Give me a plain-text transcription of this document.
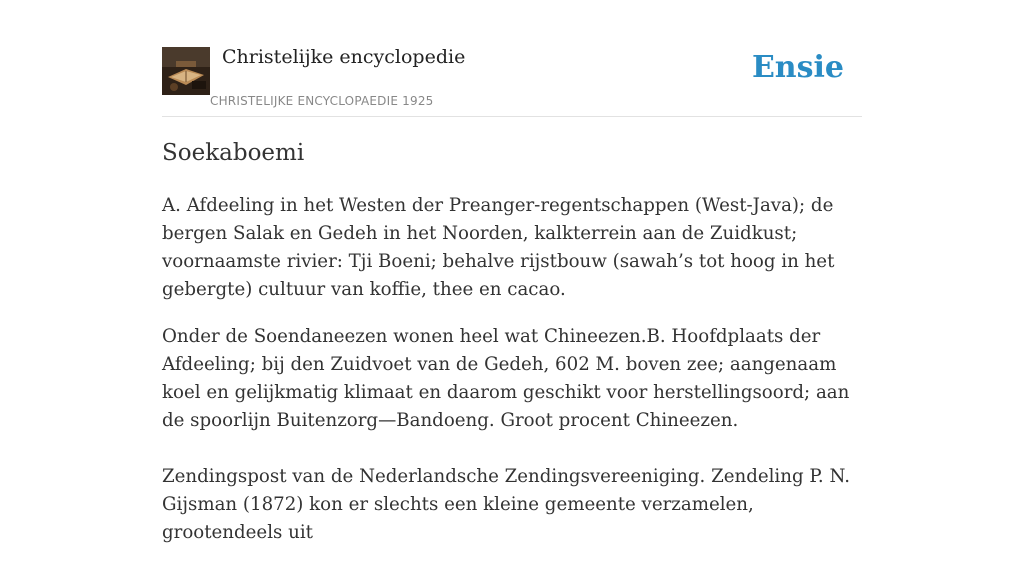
Christelijke encyclopedie
CHRISTELIJKE ENCYCLOPAEDIE 1925
Ensie
Soekaboemi

A. Afdeeling in het Westen der Preanger-regentschappen (West-Java); de bergen Salak en Gedeh in het Noorden, kalkterrein aan de Zuidkust; voornaamste rivier: Tji Boeni; behalve rijstbouw (sawah’s tot hoog in het gebergte) cultuur van koffie, thee en cacao.

Onder de Soendaneezen wonen heel wat Chineezen.B. Hoofdplaats der Afdeeling; bij den Zuidvoet van de Gedeh, 602 M. boven zee; aangenaam koel en gelijkmatig klimaat en daarom geschikt voor herstellingsoord; aan de spoorlijn Buitenzorg—Bandoeng. Groot procent Chineezen.

Zendingspost van de Nederlandsche Zendingsvereeniging. Zendeling P. N. Gijsman (1872) kon er slechts een kleine gemeente verzamelen, grootendeels uit
